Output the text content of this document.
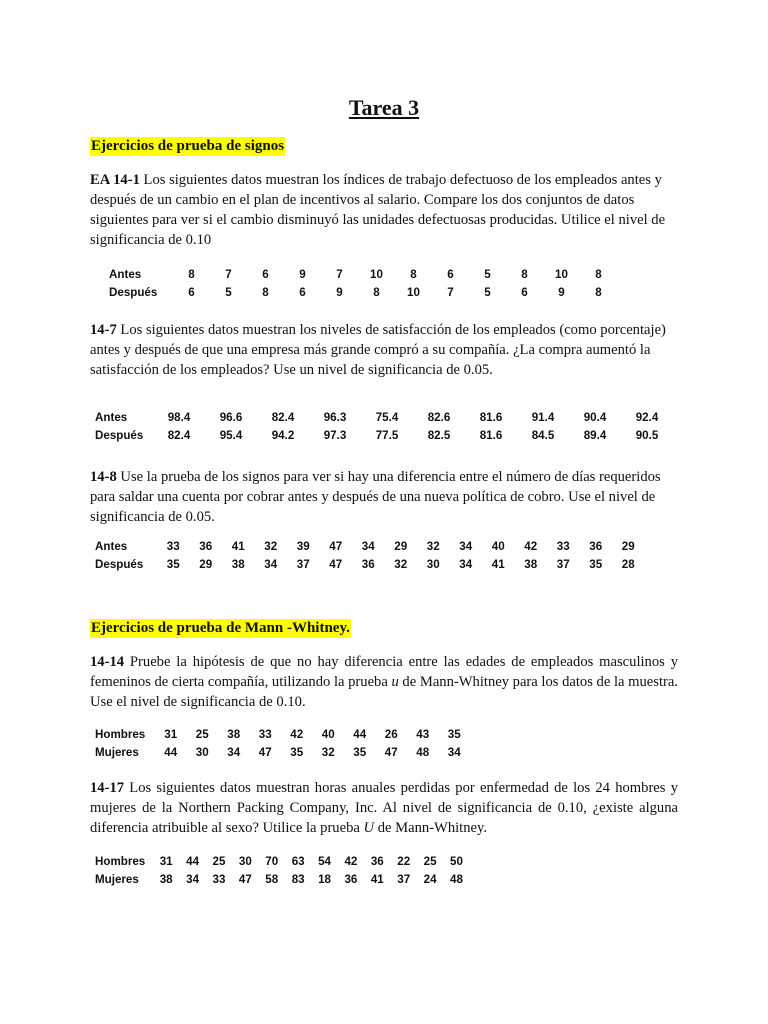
Tarea 3
Ejercicios de prueba de signos

EA 14-1 Los siguientes datos muestran los índices de trabajo defectuoso de los empleados antes y después de un cambio en el plan de incentivos al salario. Compare los dos conjuntos de datos siguientes para ver si el cambio disminuyó las unidades defectuosas producidas. Utilice el nivel de significancia de 0.10

Antes	8	7	6	9	7	10	8	6	5	8	10	8
Después	6	5	8	6	9	8	10	7	5	6	9	8

14-7 Los siguientes datos muestran los niveles de satisfacción de los empleados (como porcentaje) antes y después de que una empresa más grande compró a su compañía. ¿La compra aumentó la satisfacción de los empleados? Use un nivel de significancia de 0.05.

Antes	98.4	96.6	82.4	96.3	75.4	82.6	81.6	91.4	90.4	92.4
Después	82.4	95.4	94.2	97.3	77.5	82.5	81.6	84.5	89.4	90.5

14-8 Use la prueba de los signos para ver si hay una diferencia entre el número de días requeridos para saldar una cuenta por cobrar antes y después de una nueva política de cobro. Use el nivel de significancia de 0.05.

Antes	33	36	41	32	39	47	34	29	32	34	40	42	33	36	29
Después	35	29	38	34	37	47	36	32	30	34	41	38	37	35	28
Ejercicios de prueba de Mann -Whitney.

14-14 Pruebe la hipótesis de que no hay diferencia entre las edades de empleados masculinos y femeninos de cierta compañía, utilizando la prueba u de Mann-Whitney para los datos de la muestra. Use el nivel de significancia de 0.10.

Hombres	31	25	38	33	42	40	44	26	43	35
Mujeres	44	30	34	47	35	32	35	47	48	34

14-17 Los siguientes datos muestran horas anuales perdidas por enfermedad de los 24 hombres y mujeres de la Northern Packing Company, Inc. Al nivel de significancia de 0.10, ¿existe alguna diferencia atribuible al sexo? Utilice la prueba U de Mann-Whitney.

Hombres	31	44	25	30	70	63	54	42	36	22	25	50
Mujeres	38	34	33	47	58	83	18	36	41	37	24	48
